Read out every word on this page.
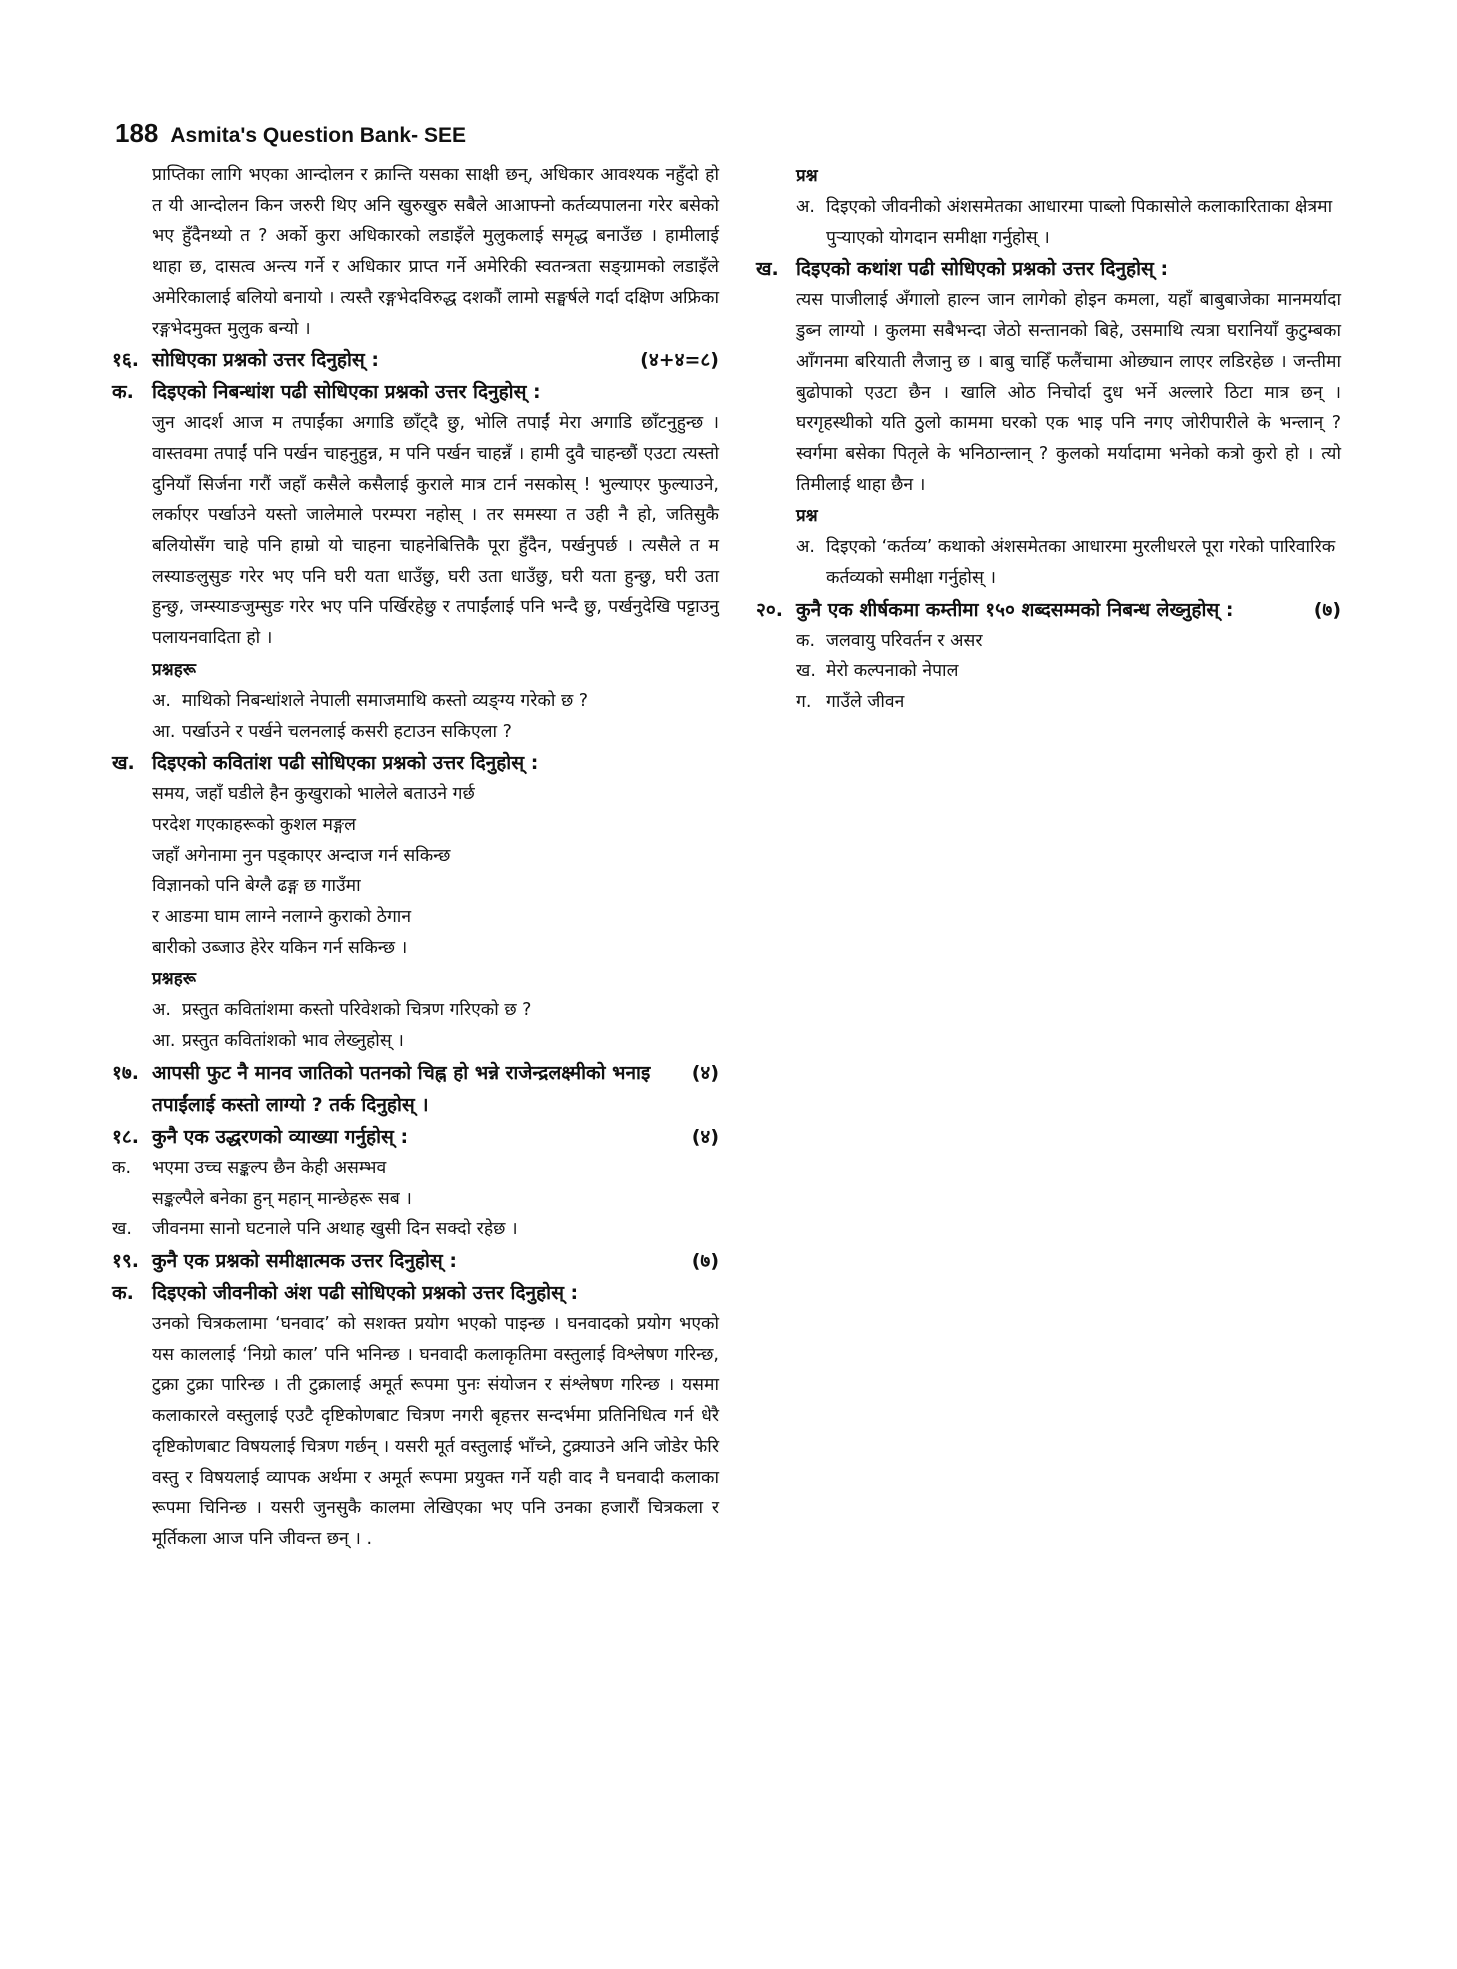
188 Asmita's Question Bank- SEE

प्राप्तिका लागि भएका आन्दोलन र क्रान्ति यसका साक्षी छन्, अधिकार आवश्यक नहुँदो हो त यी आन्दोलन किन जरुरी थिए अनि खुरुखुरु सबैले आआफ्नो कर्तव्यपालना गरेर बसेको भए हुँदैनथ्यो त ? अर्को कुरा अधिकारको लडाइँले मुलुकलाई समृद्ध बनाउँछ । हामीलाई थाहा छ, दासत्व अन्त्य गर्ने र अधिकार प्राप्त गर्ने अमेरिकी स्वतन्त्रता सङ्ग्रामको लडाइँले अमेरिकालाई बलियो बनायो । त्यस्तै रङ्गभेदविरुद्ध दशकौं लामो सङ्घर्षले गर्दा दक्षिण अफ्रिका रङ्गभेदमुक्त मुलुक बन्यो ।

१६. सोधिएका प्रश्नको उत्तर दिनुहोस् :	(४+४=८)
क. दिइएको निबन्धांश पढी सोधिएका प्रश्नको उत्तर दिनुहोस् :

जुन आदर्श आज म तपाईंका अगाडि छाँट्दै छु, भोलि तपाईं मेरा अगाडि छाँटनुहुन्छ । वास्तवमा तपाईं पनि पर्खन चाहनुहुन्न, म पनि पर्खन चाहन्नँ । हामी दुवै चाहन्छौं एउटा त्यस्तो दुनियाँ सिर्जना गरौं जहाँ कसैले कसैलाई कुराले मात्र टार्न नसकोस् ! भुल्याएर फुल्याउने, लर्काएर पर्खाउने यस्तो जालेमाले परम्परा नहोस् । तर समस्या त उही नै हो, जतिसुकै बलियोसँग चाहे पनि हाम्रो यो चाहना चाहनेबित्तिकै पूरा हुँदैन, पर्खनुपर्छ । त्यसैले त म लस्याङलुसुङ गरेर भए पनि घरी यता धाउँछु, घरी उता धाउँछु, घरी यता हुन्छु, घरी उता हुन्छु, जम्स्याङजुम्सुङ गरेर भए पनि पर्खिरहेछु र तपाईंलाई पनि भन्दै छु, पर्खनुदेखि पट्टाउनु पलायनवादिता हो ।

प्रश्नहरू
अ. माथिको निबन्धांशले नेपाली समाजमाथि कस्तो व्यङ्ग्य गरेको छ ?
आ. पर्खाउने र पर्खने चलनलाई कसरी हटाउन सकिएला ?
ख. दिइएको कवितांश पढी सोधिएका प्रश्नको उत्तर दिनुहोस् :
समय, जहाँ घडीले हैन कुखुराको भालेले बताउने गर्छ
परदेश गएकाहरूको कुशल मङ्गल
जहाँ अगेनामा नुन पड्काएर अन्दाज गर्न सकिन्छ
विज्ञानको पनि बेग्लै ढङ्ग छ गाउँमा
र आङमा घाम लाग्ने नलाग्ने कुराको ठेगान
बारीको उब्जाउ हेरेर यकिन गर्न सकिन्छ ।
प्रश्नहरू
अ. प्रस्तुत कवितांशमा कस्तो परिवेशको चित्रण गरिएको छ ?
आ. प्रस्तुत कवितांशको भाव लेख्नुहोस् ।
१७. आपसी फुट नै मानव जातिको पतनको चिह्न हो भन्ने राजेन्द्रलक्ष्मीको भनाइ तपाईंलाई कस्तो लाग्यो ? तर्क दिनुहोस् ।
(४)
१८. कुनै एक उद्धरणको व्याख्या गर्नुहोस् :	(४)
क.	भएमा उच्च सङ्कल्प छैन केही असम्भव
सङ्कल्पैले बनेका हुन् महान् मान्छेहरू सब ।
ख.	जीवनमा सानो घटनाले पनि अथाह खुसी दिन सक्दो रहेछ ।
१९. कुनै एक प्रश्नको समीक्षात्मक उत्तर दिनुहोस् :	(७)
क. दिइएको जीवनीको अंश पढी सोधिएको प्रश्नको उत्तर दिनुहोस् :

उनको चित्रकलामा ‘घनवाद’ को सशक्त प्रयोग भएको पाइन्छ । घनवादको प्रयोग भएको यस काललाई ‘निग्रो काल’ पनि भनिन्छ । घनवादी कलाकृतिमा वस्तुलाई विश्लेषण गरिन्छ, टुक्रा टुक्रा पारिन्छ । ती टुक्रालाई अमूर्त रूपमा पुनः संयोजन र संश्लेषण गरिन्छ । यसमा कलाकारले वस्तुलाई एउटै दृष्टिकोणबाट चित्रण नगरी बृहत्तर सन्दर्भमा प्रतिनिधित्व गर्न धेरै दृष्टिकोणबाट विषयलाई चित्रण गर्छन् । यसरी मूर्त वस्तुलाई भाँच्ने, टुक्र्याउने अनि जोडेर फेरि वस्तु र विषयलाई व्यापक अर्थमा र अमूर्त रूपमा प्रयुक्त गर्ने यही वाद नै घनवादी कलाका रूपमा चिनिन्छ । यसरी जुनसुकै कालमा लेखिएका भए पनि उनका हजारौं चित्रकला र मूर्तिकला आज पनि जीवन्त छन् । .

प्रश्न
अ. दिइएको जीवनीको अंशसमेतका आधारमा पाब्लो पिकासोले कलाकारिताका क्षेत्रमा पुऱ्याएको योगदान समीक्षा गर्नुहोस् ।
ख. दिइएको कथांश पढी सोधिएको प्रश्नको उत्तर दिनुहोस् :

त्यस पाजीलाई अँगालो हाल्न जान लागेको होइन कमला, यहाँ बाबुबाजेका मानमर्यादा डुब्न लाग्यो । कुलमा सबैभन्दा जेठो सन्तानको बिहे, उसमाथि त्यत्रा घरानियाँ कुटुम्बका आँगनमा बरियाती लैजानु छ । बाबु चाहिँ फलैंचामा ओछ्यान लाएर लडिरहेछ । जन्तीमा बुढोपाको एउटा छैन । खालि ओठ निचोर्दा दुध भर्ने अल्लारे ठिटा मात्र छन् । घरगृहस्थीको यति ठुलो काममा घरको एक भाइ पनि नगए जोरीपारीले के भन्लान् ? स्वर्गमा बसेका पितृले के भनिठान्लान् ? कुलको मर्यादामा भनेको कत्रो कुरो हो । त्यो तिमीलाई थाहा छैन ।

प्रश्न
अ. दिइएको ‘कर्तव्य’ कथाको अंशसमेतका आधारमा मुरलीधरले पूरा गरेको पारिवारिक कर्तव्यको समीक्षा गर्नुहोस् ।
२०. कुनै एक शीर्षकमा कम्तीमा १५० शब्दसम्मको निबन्ध लेख्नुहोस् :	(७)
क. जलवायु परिवर्तन र असर
ख. मेरो कल्पनाको नेपाल
ग. गाउँले जीवन
